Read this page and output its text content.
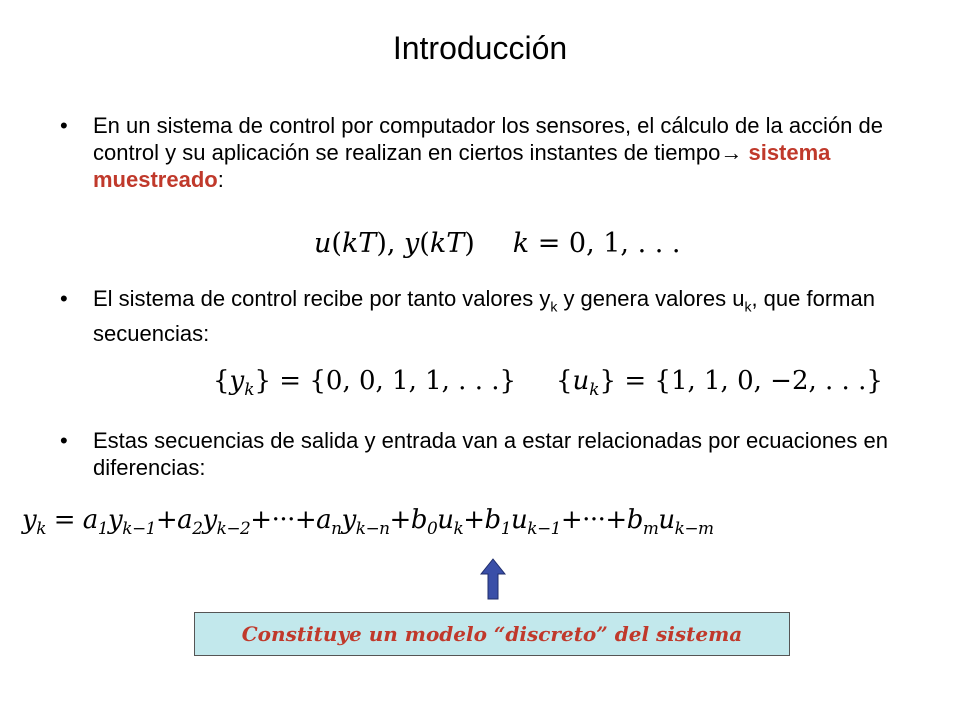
Introducción
• En un sistema de control por computador los sensores, el cálculo de la acción de control y su aplicación se realizan en ciertos instantes de tiempo→ sistema muestreado:
u(kT), y(kT) k = 0, 1, . . .
• El sistema de control recibe por tanto valores $y_k$ y genera valores $u_k$, que forman secuencias:
$\{y_k\} = \{0$, 0, 1, 1, . . .} $\{u_k\} = \{1$, 1, 0, −2, . . .}
• Estas secuencias de salida y entrada van a estar relacionadas por ecuaciones en diferencias:
$y_k = a_1y_{k-1}+a_2y_{k-2}+\cdot\cdot\cdot+a_ny_{k-n}+b_0u_k+b_1u_{k-1}+\cdot\cdot\cdot+b_mu_{k-m}$
Constituye un modelo “discreto” del sistema
